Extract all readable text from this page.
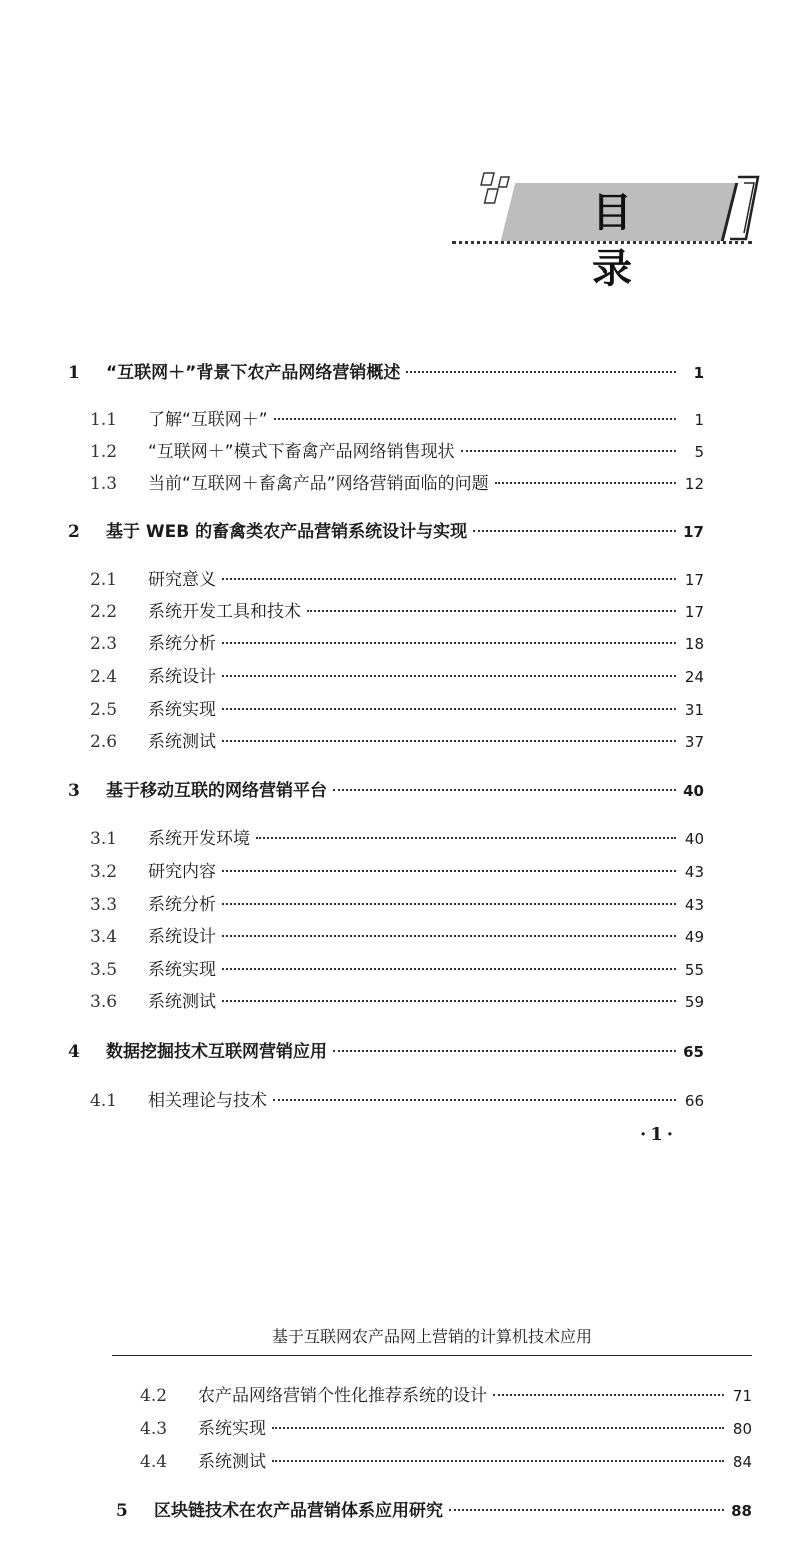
目 录
1	“互联网＋”背景下农产品网络营销概述	1
1.1	了解“互联网＋”	1
1.2	“互联网＋”模式下畜禽产品网络销售现状	5
1.3	当前“互联网＋畜禽产品”网络营销面临的问题	12
2	基于 WEB 的畜禽类农产品营销系统设计与实现	17
2.1	研究意义	17
2.2	系统开发工具和技术	17
2.3	系统分析	18
2.4	系统设计	24
2.5	系统实现	31
2.6	系统测试	37
3	基于移动互联的网络营销平台	40
3.1	系统开发环境	40
3.2	研究内容	43
3.3	系统分析	43
3.4	系统设计	49
3.5	系统实现	55
3.6	系统测试	59
4	数据挖掘技术互联网营销应用	65
4.1	相关理论与技术	66
·1·
基于互联网农产品网上营销的计算机技术应用
4.2	农产品网络营销个性化推荐系统的设计	71
4.3	系统实现	80
4.4	系统测试	84
5	区块链技术在农产品营销体系应用研究	88
